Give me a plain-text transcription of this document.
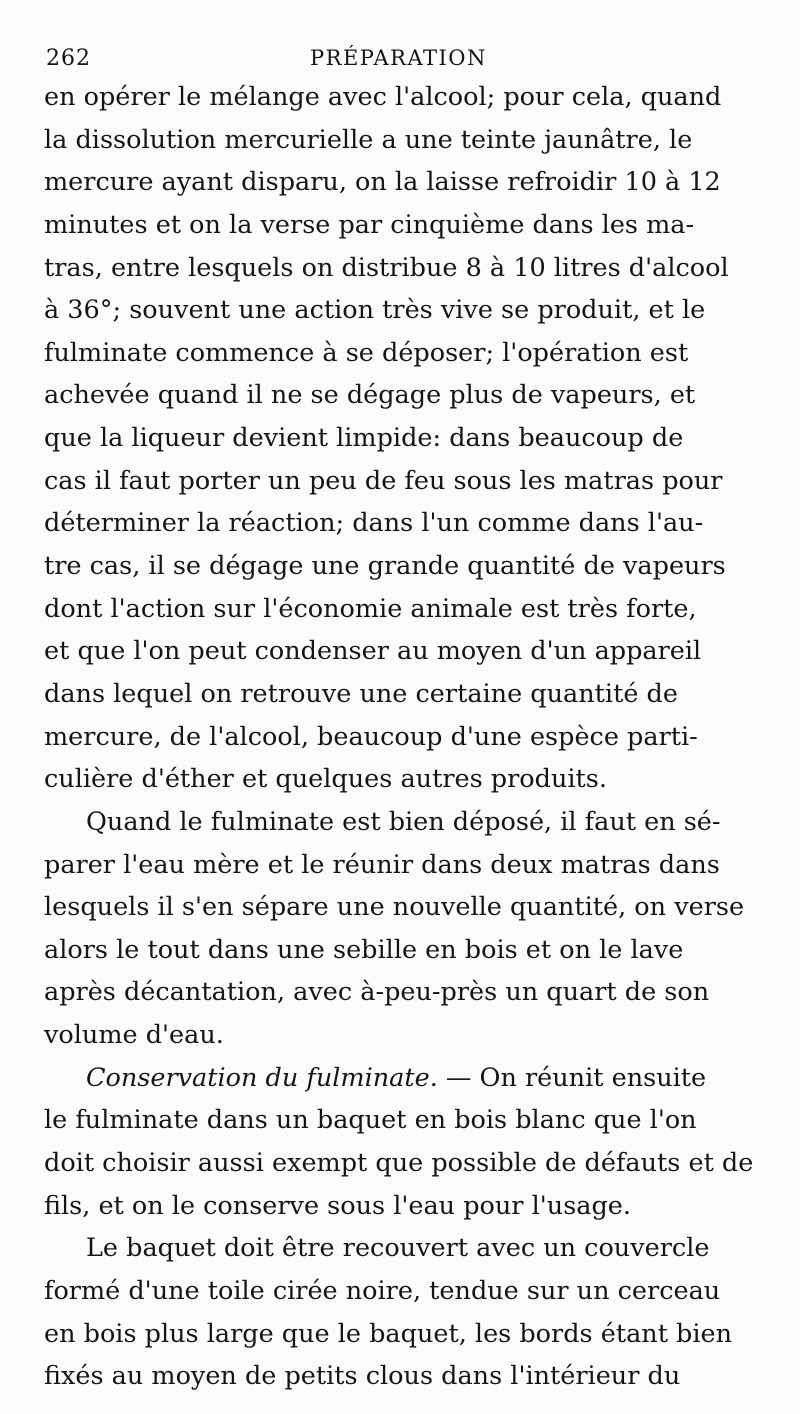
262	PRÉPARATION
en opérer le mélange avec l'alcool; pour cela, quand
la dissolution mercurielle a une teinte jaunâtre, le
mercure ayant disparu, on la laisse refroidir 10 à 12
minutes et on la verse par cinquième dans les ma-
tras, entre lesquels on distribue 8 à 10 litres d'alcool
à 36°; souvent une action très vive se produit, et le
fulminate commence à se déposer; l'opération est
achevée quand il ne se dégage plus de vapeurs, et
que la liqueur devient limpide: dans beaucoup de
cas il faut porter un peu de feu sous les matras pour
déterminer la réaction; dans l'un comme dans l'au-
tre cas, il se dégage une grande quantité de vapeurs
dont l'action sur l'économie animale est très forte,
et que l'on peut condenser au moyen d'un appareil
dans lequel on retrouve une certaine quantité de
mercure, de l'alcool, beaucoup d'une espèce parti-
culière d'éther et quelques autres produits.
Quand le fulminate est bien déposé, il faut en sé-
parer l'eau mère et le réunir dans deux matras dans
lesquels il s'en sépare une nouvelle quantité, on verse
alors le tout dans une sebille en bois et on le lave
après décantation, avec à-peu-près un quart de son
volume d'eau.
Conservation du fulminate. — On réunit ensuite
le fulminate dans un baquet en bois blanc que l'on
doit choisir aussi exempt que possible de défauts et de
fils, et on le conserve sous l'eau pour l'usage.
Le baquet doit être recouvert avec un couvercle
formé d'une toile cirée noire, tendue sur un cerceau
en bois plus large que le baquet, les bords étant bien
fixés au moyen de petits clous dans l'intérieur du
